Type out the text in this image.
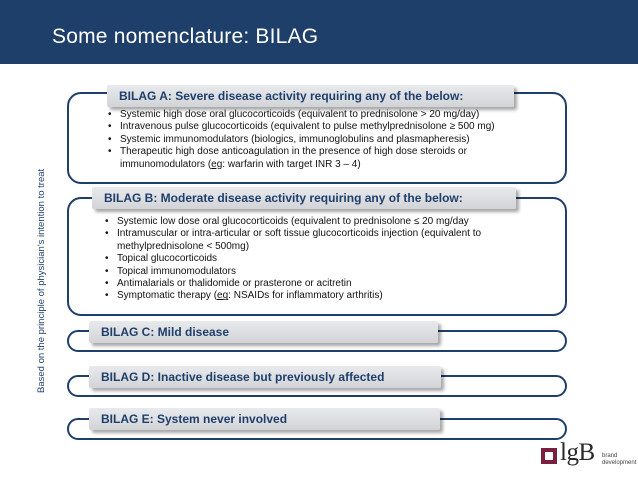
Some nomenclature: BILAG
Based on the principle of physician's intention to treat
BILAG A: Severe disease activity requiring any of the below:
• Systemic high dose oral glucocorticoids (equivalent to prednisolone > 20 mg/day)
• Intravenous pulse glucocorticoids (equivalent to pulse methylprednisolone ≥ 500 mg)
• Systemic immunomodulators (biologics, immunoglobulins and plasmapheresis)
• Therapeutic high dose anticoagulation in the presence of high dose steroids or
immunomodulators (eg: warfarin with target INR 3 – 4)
BILAG B: Moderate disease activity requiring any of the below:
• Systemic low dose oral glucocorticoids (equivalent to prednisolone ≤ 20 mg/day
• Intramuscular or intra-articular or soft tissue glucocorticoids injection (equivalent to
methylprednisolone < 500mg)
• Topical glucocorticoids
• Topical immunomodulators
• Antimalarials or thalidomide or prasterone or acitretin
• Symptomatic therapy (eg: NSAIDs for inflammatory arthritis)
BILAG C: Mild disease
BILAG D: Inactive disease but previously affected
BILAG E: System never involved
lgB brand
development
